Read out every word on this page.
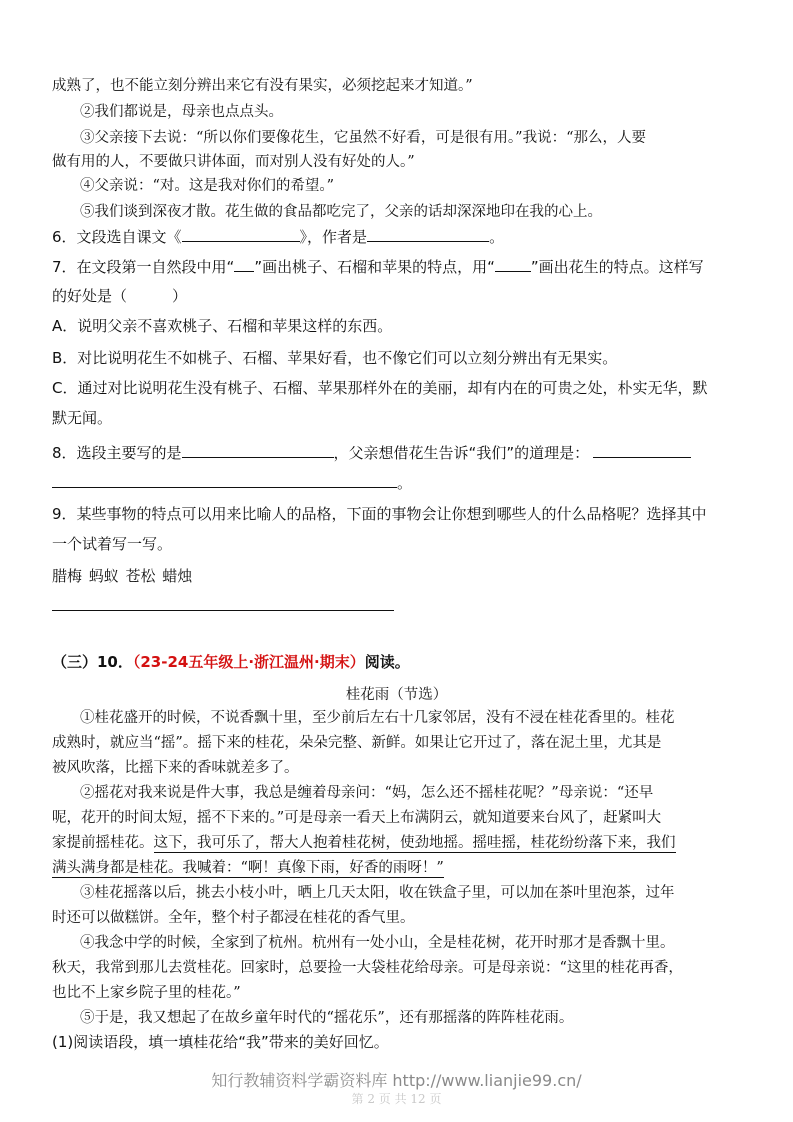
成熟了，也不能立刻分辨出来它有没有果实，必须挖起来才知道。”
②我们都说是，母亲也点点头。
③父亲接下去说：“所以你们要像花生，它虽然不好看，可是很有用。”我说：“那么，人要
做有用的人，不要做只讲体面，而对别人没有好处的人。”
④父亲说：“对。这是我对你们的希望。”
⑤我们谈到深夜才散。花生做的食品都吃完了，父亲的话却深深地印在我的心上。
6．文段选自课文《	》，作者是	。
7．在文段第一自然段中用“ ”画出桃子、石榴和苹果的特点，用“ ”画出花生的特点。这样写
的好处是（　　　）
A．说明父亲不喜欢桃子、石榴和苹果这样的东西。
B．对比说明花生不如桃子、石榴、苹果好看，也不像它们可以立刻分辨出有无果实。
C．通过对比说明花生没有桃子、石榴、苹果那样外在的美丽，却有内在的可贵之处，朴实无华，默
默无闻。
8．选段主要写的是	，父亲想借花生告诉“我们”的道理是：
。
9．某些事物的特点可以用来比喻人的品格，下面的事物会让你想到哪些人的什么品格呢？选择其中
一个试着写一写。
腊梅 蚂蚁 苍松 蜡烛
（三）10．（23-24五年级上·浙江温州·期末）阅读。
桂花雨（节选）
①桂花盛开的时候，不说香飘十里，至少前后左右十几家邻居，没有不浸在桂花香里的。桂花
成熟时，就应当“摇”。摇下来的桂花，朵朵完整、新鲜。如果让它开过了，落在泥土里，尤其是
被风吹落，比摇下来的香味就差多了。
②摇花对我来说是件大事，我总是缠着母亲问：“妈，怎么还不摇桂花呢？”母亲说：“还早
呢，花开的时间太短，摇不下来的。”可是母亲一看天上布满阴云，就知道要来台风了，赶紧叫大
家提前摇桂花。这下，我可乐了，帮大人抱着桂花树，使劲地摇。摇哇摇，桂花纷纷落下来，我们
满头满身都是桂花。我喊着：“啊！真像下雨，好香的雨呀！”
③桂花摇落以后，挑去小枝小叶，晒上几天太阳，收在铁盒子里，可以加在茶叶里泡茶，过年
时还可以做糕饼。全年，整个村子都浸在桂花的香气里。
④我念中学的时候，全家到了杭州。杭州有一处小山，全是桂花树，花开时那才是香飘十里。
秋天，我常到那儿去赏桂花。回家时，总要捡一大袋桂花给母亲。可是母亲说：“这里的桂花再香，
也比不上家乡院子里的桂花。”
⑤于是，我又想起了在故乡童年时代的“摇花乐”，还有那摇落的阵阵桂花雨。
(1)阅读语段，填一填桂花给“我”带来的美好回忆。
第 2 页 共 12 页
知行教辅资料学霸资料库 http://www.lianjie99.cn/
